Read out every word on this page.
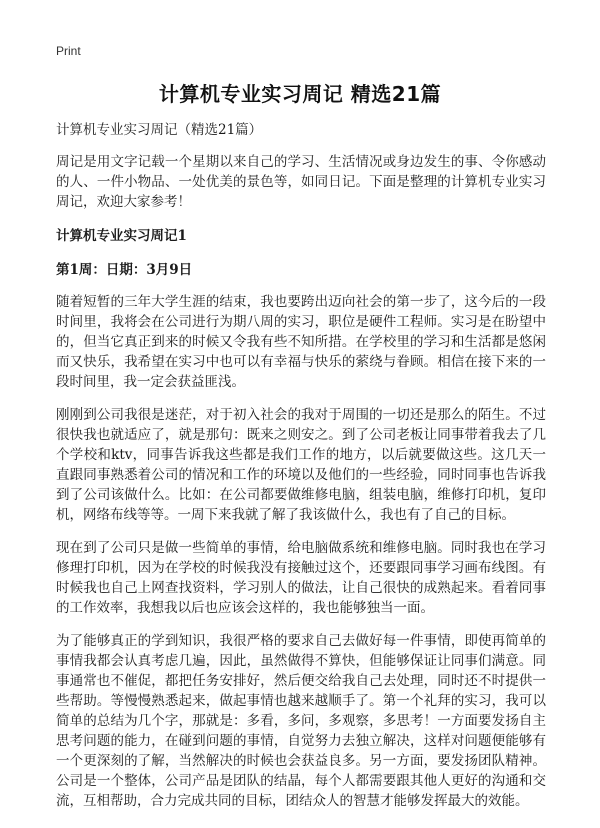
Print
计算机专业实习周记 精选21篇
计算机专业实习周记（精选21篇）

周记是用文字记载一个星期以来自己的学习、生活情况或身边发生的事、令你感动的人、一件小物品、一处优美的景色等，如同日记。下面是整理的计算机专业实习周记，欢迎大家参考！

计算机专业实习周记1
第1周：日期：3月9日

随着短暂的三年大学生涯的结束，我也要跨出迈向社会的第一步了，这今后的一段时间里，我将会在公司进行为期八周的实习，职位是硬件工程师。实习是在盼望中的，但当它真正到来的时候又令我有些不知所措。在学校里的学习和生活都是悠闲而又快乐，我希望在实习中也可以有幸福与快乐的萦绕与眷顾。相信在接下来的一段时间里，我一定会获益匪浅。

刚刚到公司我很是迷茫，对于初入社会的我对于周围的一切还是那么的陌生。不过很快我也就适应了，就是那句：既来之则安之。到了公司老板让同事带着我去了几个学校和ktv，同事告诉我这些都是我们工作的地方，以后就要做这些。这几天一直跟同事熟悉着公司的情况和工作的环境以及他们的一些经验，同时同事也告诉我到了公司该做什么。比如：在公司都要做维修电脑，组装电脑，维修打印机，复印机，网络布线等等。一周下来我就了解了我该做什么，我也有了自己的目标。

现在到了公司只是做一些简单的事情，给电脑做系统和维修电脑。同时我也在学习修理打印机，因为在学校的时候我没有接触过这个，还要跟同事学习画布线图。有时候我也自己上网查找资料，学习别人的做法，让自己很快的成熟起来。看着同事的工作效率，我想我以后也应该会这样的，我也能够独当一面。

为了能够真正的学到知识，我很严格的要求自己去做好每一件事情，即使再简单的事情我都会认真考虑几遍，因此，虽然做得不算快，但能够保证让同事们满意。同事通常也不催促，都把任务安排好，然后便交给我自己去处理，同时还不时提供一些帮助。等慢慢熟悉起来，做起事情也越来越顺手了。第一个礼拜的实习，我可以简单的总结为几个字，那就是：多看，多问，多观察，多思考！一方面要发扬自主思考问题的能力，在碰到问题的事情，自觉努力去独立解决，这样对问题便能够有一个更深刻的了解，当然解决的时候也会获益良多。另一方面，要发扬团队精神。公司是一个整体，公司产品是团队的结晶，每个人都需要跟其他人更好的沟通和交流，互相帮助，合力完成共同的目标，团结众人的智慧才能够发挥最大的效能。
